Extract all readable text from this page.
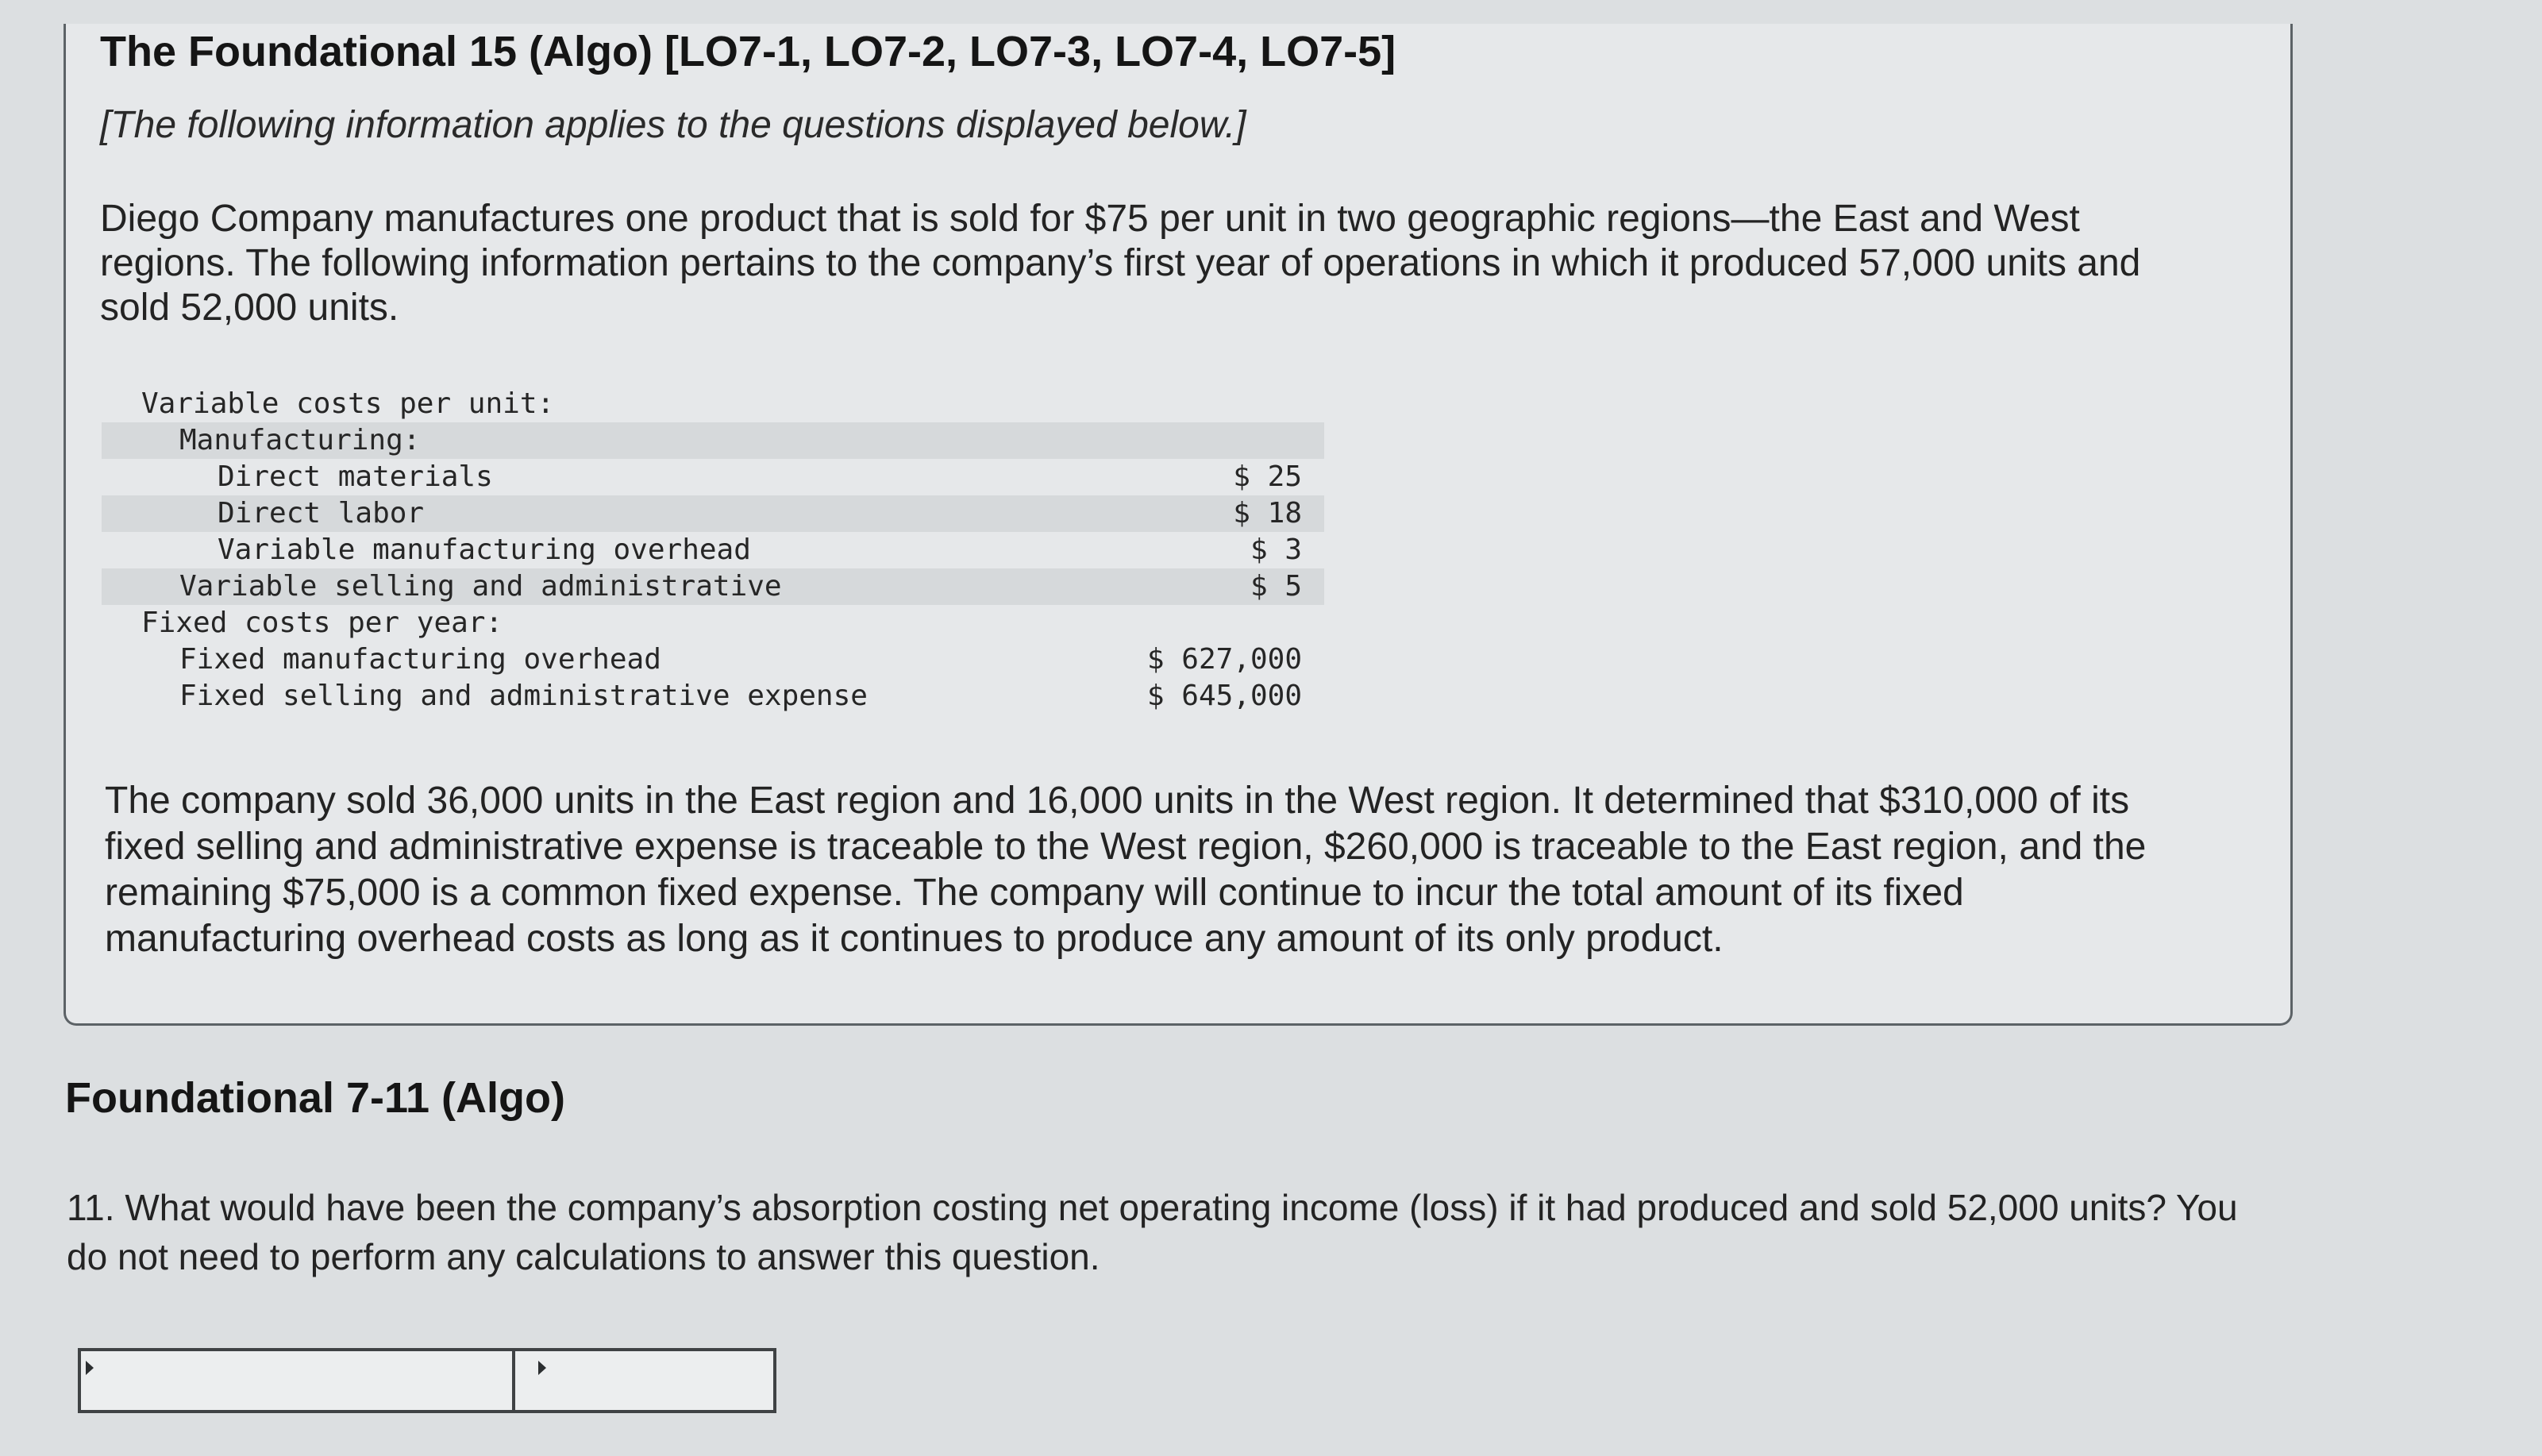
The Foundational 15 (Algo) [LO7-1, LO7-2, LO7-3, LO7-4, LO7-5]
[The following information applies to the questions displayed below.]
Diego Company manufactures one product that is sold for $75 per unit in two geographic regions—the East and West regions. The following information pertains to the company’s first year of operations in which it produced 57,000 units and sold 52,000 units.
Variable costs per unit:
Manufacturing:
Direct materials	$ 25
Direct labor	$ 18
Variable manufacturing overhead	$ 3
Variable selling and administrative	$ 5
Fixed costs per year:
Fixed manufacturing overhead	$ 627,000
Fixed selling and administrative expense	$ 645,000
The company sold 36,000 units in the East region and 16,000 units in the West region. It determined that $310,000 of its fixed selling and administrative expense is traceable to the West region, $260,000 is traceable to the East region, and the remaining $75,000 is a common fixed expense. The company will continue to incur the total amount of its fixed manufacturing overhead costs as long as it continues to produce any amount of its only product.
Foundational 7-11 (Algo)
11. What would have been the company’s absorption costing net operating income (loss) if it had produced and sold 52,000 units? You do not need to perform any calculations to answer this question.
